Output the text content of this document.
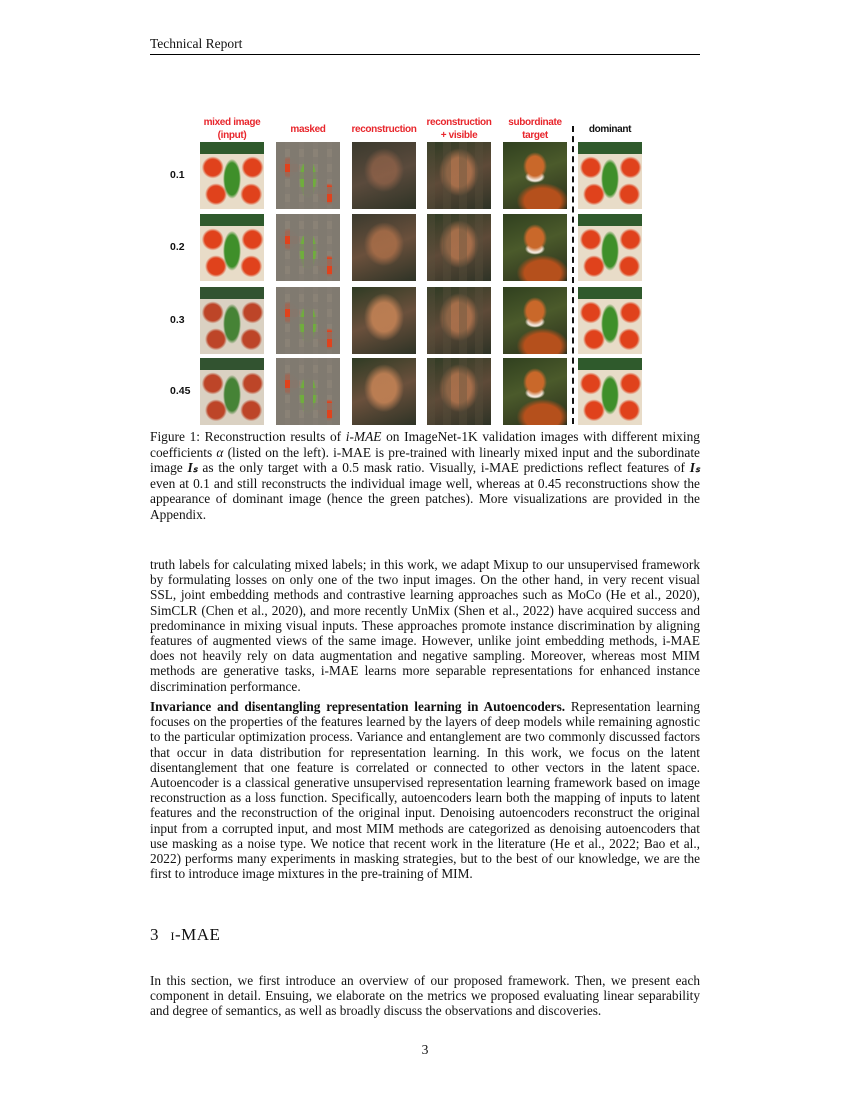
Technical Report
mixed image
(input)
masked	reconstruction
reconstruction
+ visible
subordinate
target
dominant
0.1
0.2
0.3
0.45
Figure 1: Reconstruction results of i-MAE on ImageNet-1K validation images with different mixing coefficients α (listed on the left). i-MAE is pre-trained with linearly mixed input and the subordinate image Iₛ as the only target with a 0.5 mask ratio. Visually, i-MAE predictions reflect features of Iₛ even at 0.1 and still reconstructs the individual image well, whereas at 0.45 reconstructions show the appearance of dominant image (hence the green patches). More visualizations are provided in the Appendix.

truth labels for calculating mixed labels; in this work, we adapt Mixup to our unsupervised framework by formulating losses on only one of the two input images. On the other hand, in very recent visual SSL, joint embedding methods and contrastive learning approaches such as MoCo (He et al., 2020), SimCLR (Chen et al., 2020), and more recently UnMix (Shen et al., 2022) have acquired success and predominance in mixing visual inputs. These approaches promote instance discrimination by aligning features of augmented views of the same image. However, unlike joint embedding methods, i-MAE does not heavily rely on data augmentation and negative sampling. Moreover, whereas most MIM methods are generative tasks, i-MAE learns more separable representations for enhanced instance discrimination performance.

Invariance and disentangling representation learning in Autoencoders. Representation learning focuses on the properties of the features learned by the layers of deep models while remaining agnostic to the particular optimization process. Variance and entanglement are two commonly discussed factors that occur in data distribution for representation learning. In this work, we focus on the latent disentanglement that one feature is correlated or connected to other vectors in the latent space. Autoencoder is a classical generative unsupervised representation learning framework based on image reconstruction as a loss function. Specifically, autoencoders learn both the mapping of inputs to latent features and the reconstruction of the original input. Denoising autoencoders reconstruct the original input from a corrupted input, and most MIM methods are categorized as denoising autoencoders that use masking as a noise type. We notice that recent work in the literature (He et al., 2022; Bao et al., 2022) performs many experiments in masking strategies, but to the best of our knowledge, we are the first to introduce image mixtures in the pre-training of MIM.

3 i-MAE

In this section, we first introduce an overview of our proposed framework. Then, we present each component in detail. Ensuing, we elaborate on the metrics we proposed evaluating linear separability and degree of semantics, as well as broadly discuss the observations and discoveries.

3
